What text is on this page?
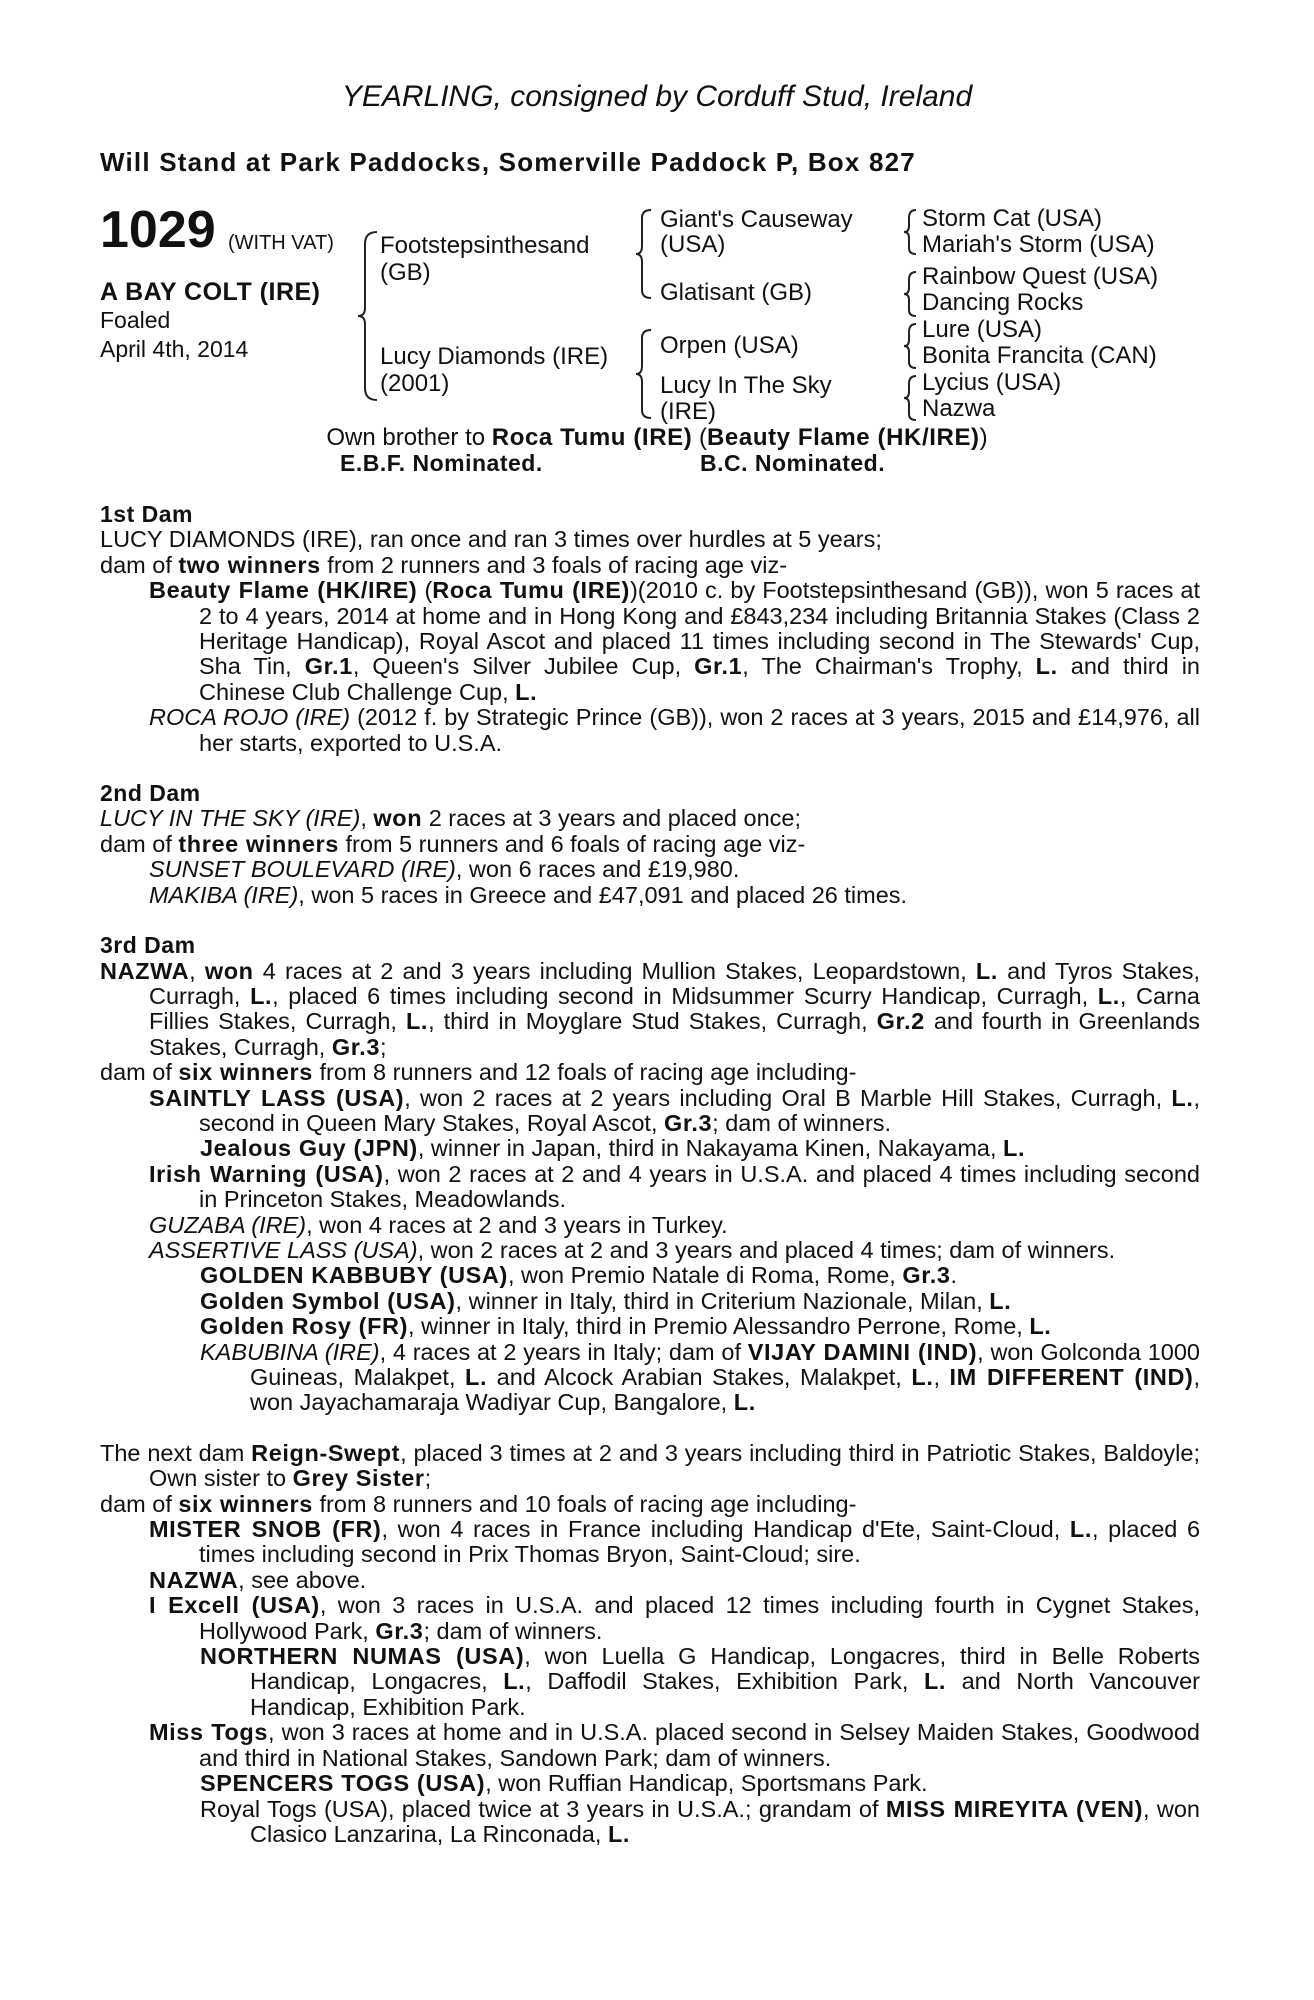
YEARLING, consigned by Corduff Stud, Ireland
Will Stand at Park Paddocks, Somerville Paddock P, Box 827
1029 (WITH VAT)
A BAY COLT (IRE)
Foaled
April 4th, 2014
Footstepsinthesand
(GB)
Lucy Diamonds (IRE)
(2001)
Giant's Causeway
(USA)
Glatisant (GB)
Orpen (USA)
Lucy In The Sky
(IRE)
Storm Cat (USA)
Mariah's Storm (USA)
Rainbow Quest (USA)
Dancing Rocks
Lure (USA)
Bonita Francita (CAN)
Lycius (USA)
Nazwa
Own brother to Roca Tumu (IRE) (Beauty Flame (HK/IRE))
E.B.F. Nominated.	B.C. Nominated.

1st Dam

LUCY DIAMONDS (IRE), ran once and ran 3 times over hurdles at 5 years;

dam of two winners from 2 runners and 3 foals of racing age viz-

Beauty Flame (HK/IRE) (Roca Tumu (IRE))(2010 c. by Footstepsinthesand (GB)), won 5 races at 2 to 4 years, 2014 at home and in Hong Kong and £843,234 including Britannia Stakes (Class 2 Heritage Handicap), Royal Ascot and placed 11 times including second in The Stewards' Cup, Sha Tin, Gr.1, Queen's Silver Jubilee Cup, Gr.1, The Chairman's Trophy, L. and third in Chinese Club Challenge Cup, L.

ROCA ROJO (IRE) (2012 f. by Strategic Prince (GB)), won 2 races at 3 years, 2015 and £14,976, all her starts, exported to U.S.A.

2nd Dam

LUCY IN THE SKY (IRE), won 2 races at 3 years and placed once;

dam of three winners from 5 runners and 6 foals of racing age viz-

SUNSET BOULEVARD (IRE), won 6 races and £19,980.

MAKIBA (IRE), won 5 races in Greece and £47,091 and placed 26 times.

3rd Dam

NAZWA, won 4 races at 2 and 3 years including Mullion Stakes, Leopardstown, L. and Tyros Stakes, Curragh, L., placed 6 times including second in Midsummer Scurry Handicap, Curragh, L., Carna Fillies Stakes, Curragh, L., third in Moyglare Stud Stakes, Curragh, Gr.2 and fourth in Greenlands Stakes, Curragh, Gr.3;

dam of six winners from 8 runners and 12 foals of racing age including-

SAINTLY LASS (USA), won 2 races at 2 years including Oral B Marble Hill Stakes, Curragh, L., second in Queen Mary Stakes, Royal Ascot, Gr.3; dam of winners.

Jealous Guy (JPN), winner in Japan, third in Nakayama Kinen, Nakayama, L.

Irish Warning (USA), won 2 races at 2 and 4 years in U.S.A. and placed 4 times including second in Princeton Stakes, Meadowlands.

GUZABA (IRE), won 4 races at 2 and 3 years in Turkey.

ASSERTIVE LASS (USA), won 2 races at 2 and 3 years and placed 4 times; dam of winners.

GOLDEN KABBUBY (USA), won Premio Natale di Roma, Rome, Gr.3.

Golden Symbol (USA), winner in Italy, third in Criterium Nazionale, Milan, L.

Golden Rosy (FR), winner in Italy, third in Premio Alessandro Perrone, Rome, L.

KABUBINA (IRE), 4 races at 2 years in Italy; dam of VIJAY DAMINI (IND), won Golconda 1000 Guineas, Malakpet, L. and Alcock Arabian Stakes, Malakpet, L., IM DIFFERENT (IND), won Jayachamaraja Wadiyar Cup, Bangalore, L.

The next dam Reign-Swept, placed 3 times at 2 and 3 years including third in Patriotic Stakes, Baldoyle; Own sister to Grey Sister;

dam of six winners from 8 runners and 10 foals of racing age including-

MISTER SNOB (FR), won 4 races in France including Handicap d'Ete, Saint-Cloud, L., placed 6 times including second in Prix Thomas Bryon, Saint-Cloud; sire.

NAZWA, see above.

I Excell (USA), won 3 races in U.S.A. and placed 12 times including fourth in Cygnet Stakes, Hollywood Park, Gr.3; dam of winners.

NORTHERN NUMAS (USA), won Luella G Handicap, Longacres, third in Belle Roberts Handicap, Longacres, L., Daffodil Stakes, Exhibition Park, L. and North Vancouver Handicap, Exhibition Park.

Miss Togs, won 3 races at home and in U.S.A. placed second in Selsey Maiden Stakes, Goodwood and third in National Stakes, Sandown Park; dam of winners.

SPENCERS TOGS (USA), won Ruffian Handicap, Sportsmans Park.

Royal Togs (USA), placed twice at 3 years in U.S.A.; grandam of MISS MIREYITA (VEN), won Clasico Lanzarina, La Rinconada, L.
